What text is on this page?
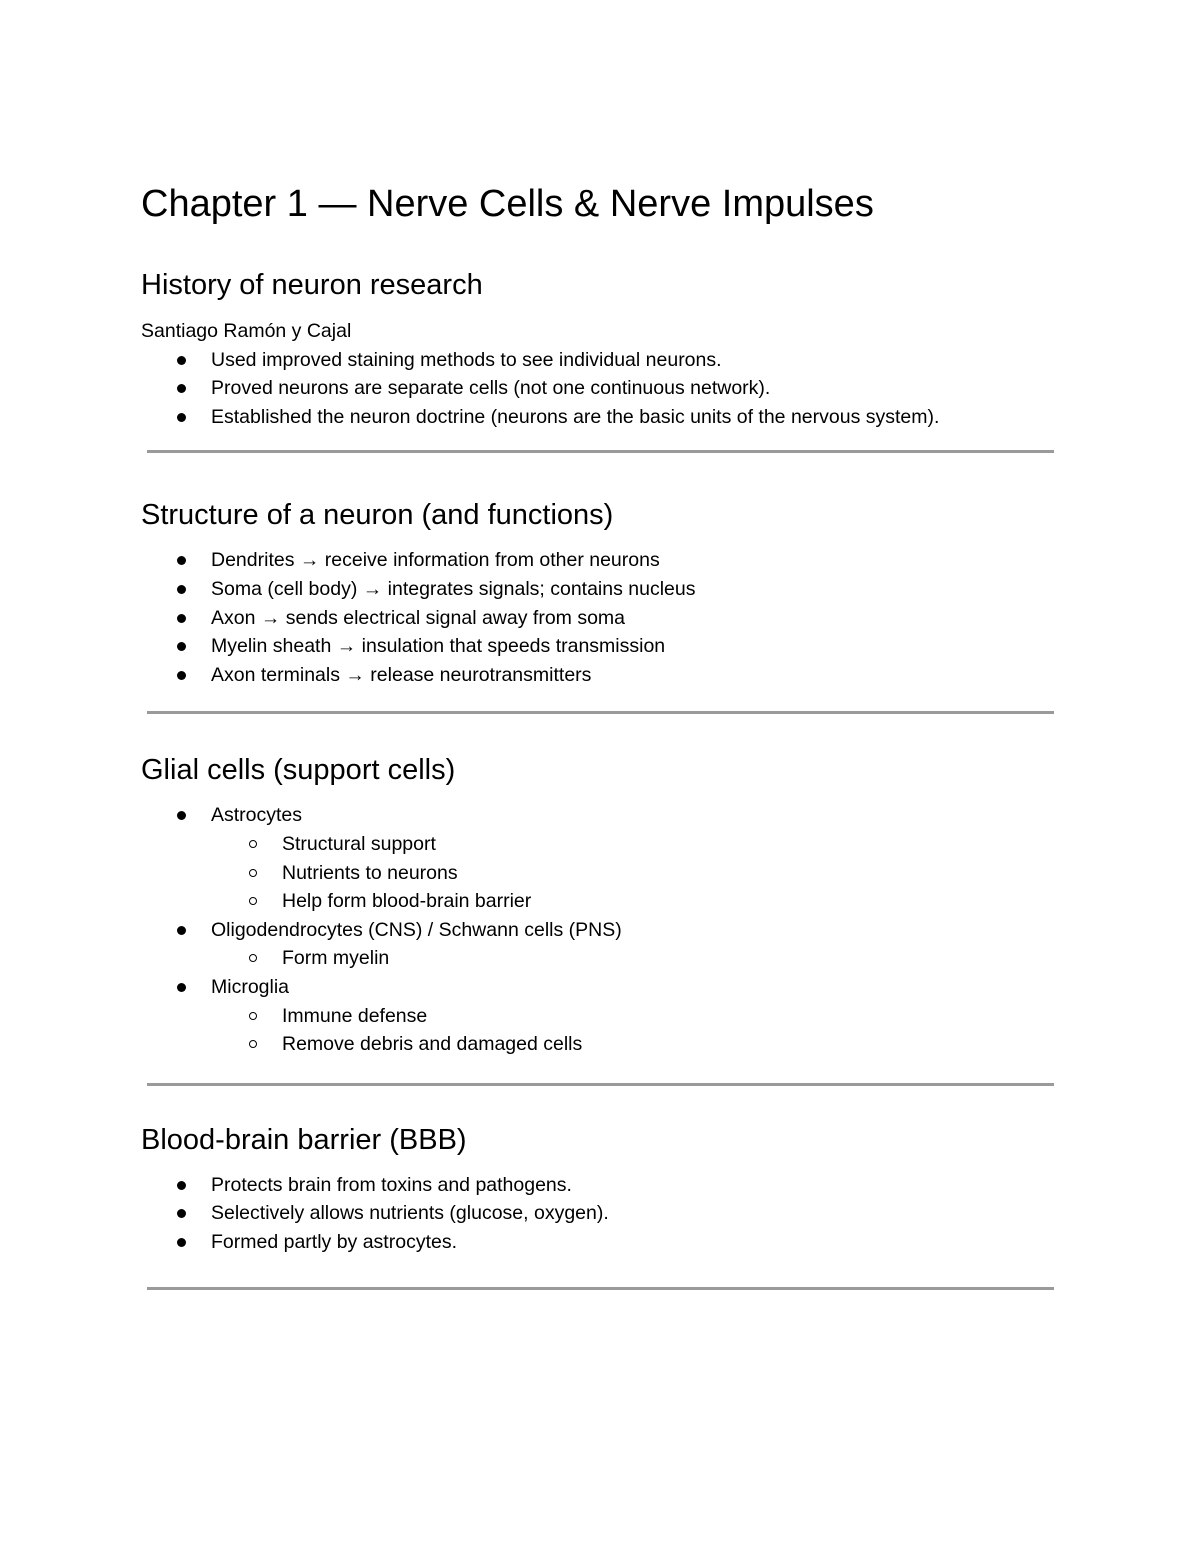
Chapter 1 — Nerve Cells & Nerve Impulses
History of neuron research

Santiago Ramón y Cajal

Used improved staining methods to see individual neurons.
Proved neurons are separate cells (not one continuous network).
Established the neuron doctrine (neurons are the basic units of the nervous system).
Structure of a neuron (and functions)
Dendrites → receive information from other neurons
Soma (cell body) → integrates signals; contains nucleus
Axon → sends electrical signal away from soma
Myelin sheath → insulation that speeds transmission
Axon terminals → release neurotransmitters
Glial cells (support cells)
Astrocytes
Structural support
Nutrients to neurons
Help form blood-brain barrier
Oligodendrocytes (CNS) / Schwann cells (PNS)
Form myelin
Microglia
Immune defense
Remove debris and damaged cells
Blood-brain barrier (BBB)
Protects brain from toxins and pathogens.
Selectively allows nutrients (glucose, oxygen).
Formed partly by astrocytes.
